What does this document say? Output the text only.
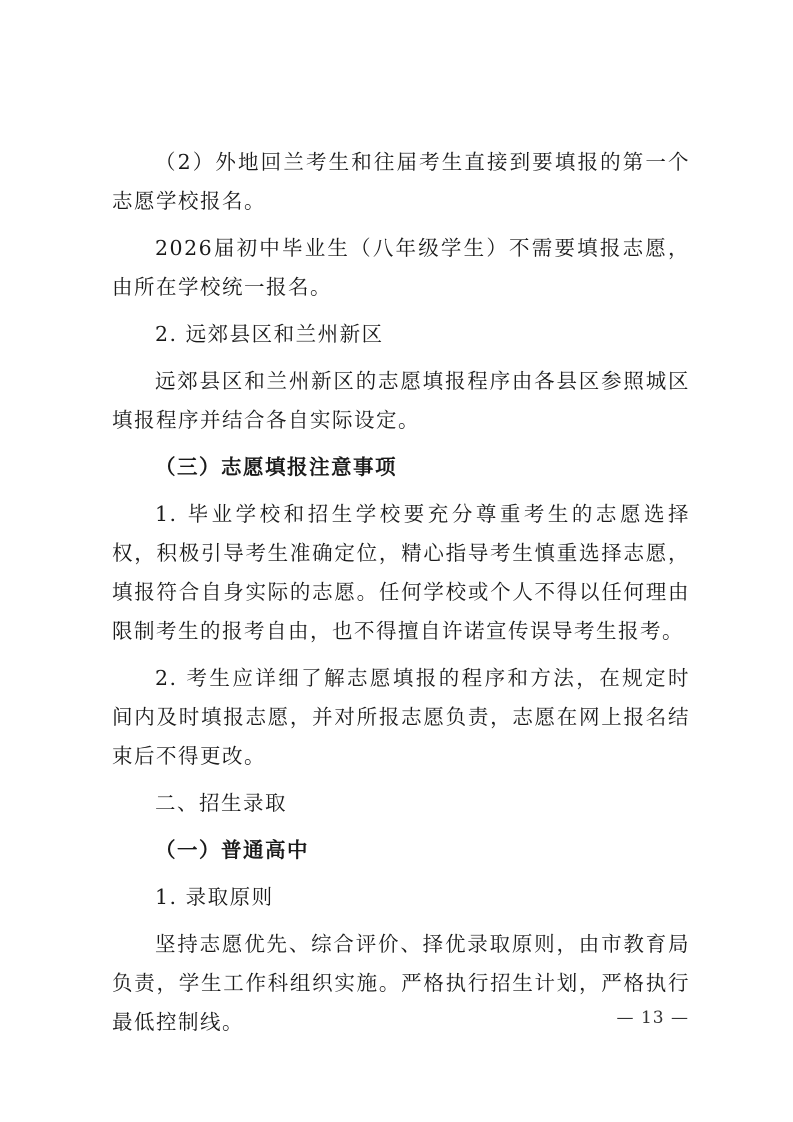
（2）外地回兰考生和往届考生直接到要填报的第一个志愿学校报名。

2026届初中毕业生（八年级学生）不需要填报志愿，由所在学校统一报名。

2. 远郊县区和兰州新区

远郊县区和兰州新区的志愿填报程序由各县区参照城区填报程序并结合各自实际设定。

（三）志愿填报注意事项

1. 毕业学校和招生学校要充分尊重考生的志愿选择权，积极引导考生准确定位，精心指导考生慎重选择志愿，填报符合自身实际的志愿。任何学校或个人不得以任何理由限制考生的报考自由，也不得擅自许诺宣传误导考生报考。

2. 考生应详细了解志愿填报的程序和方法，在规定时间内及时填报志愿，并对所报志愿负责，志愿在网上报名结束后不得更改。

二、招生录取

（一）普通高中

1. 录取原则

坚持志愿优先、综合评价、择优录取原则，由市教育局负责，学生工作科组织实施。严格执行招生计划，严格执行最低控制线。	— 13 —
